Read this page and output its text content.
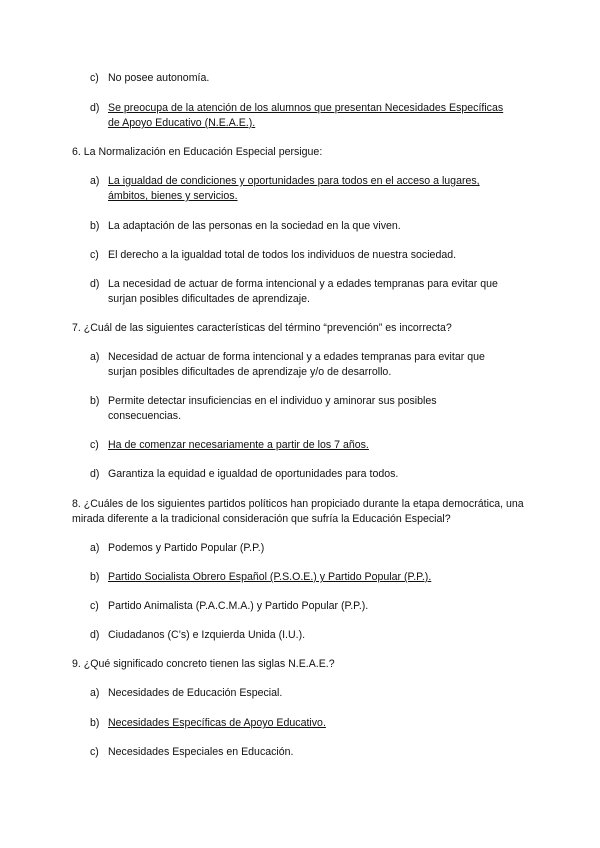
c) No posee autonomía.
d) Se preocupa de la atención de los alumnos que presentan Necesidades Específicas de Apoyo Educativo (N.E.A.E.).
6. La Normalización en Educación Especial persigue:
a) La igualdad de condiciones y oportunidades para todos en el acceso a lugares, ámbitos, bienes y servicios.
b) La adaptación de las personas en la sociedad en la que viven.
c) El derecho a la igualdad total de todos los individuos de nuestra sociedad.
d) La necesidad de actuar de forma intencional y a edades tempranas para evitar que surjan posibles dificultades de aprendizaje.
7. ¿Cuál de las siguientes características del término “prevención” es incorrecta?
a) Necesidad de actuar de forma intencional y a edades tempranas para evitar que surjan posibles dificultades de aprendizaje y/o de desarrollo.
b) Permite detectar insuficiencias en el individuo y aminorar sus posibles consecuencias.
c) Ha de comenzar necesariamente a partir de los 7 años.
d) Garantiza la equidad e igualdad de oportunidades para todos.
8. ¿Cuáles de los siguientes partidos políticos han propiciado durante la etapa democrática, una mirada diferente a la tradicional consideración que sufría la Educación Especial?
a) Podemos y Partido Popular (P.P.)
b) Partido Socialista Obrero Español (P.S.O.E.) y Partido Popular (P.P.).
c) Partido Animalista (P.A.C.M.A.) y Partido Popular (P.P.).
d) Ciudadanos (C’s) e Izquierda Unida (I.U.).
9. ¿Qué significado concreto tienen las siglas N.E.A.E.?
a) Necesidades de Educación Especial.
b) Necesidades Específicas de Apoyo Educativo.
c) Necesidades Especiales en Educación.
